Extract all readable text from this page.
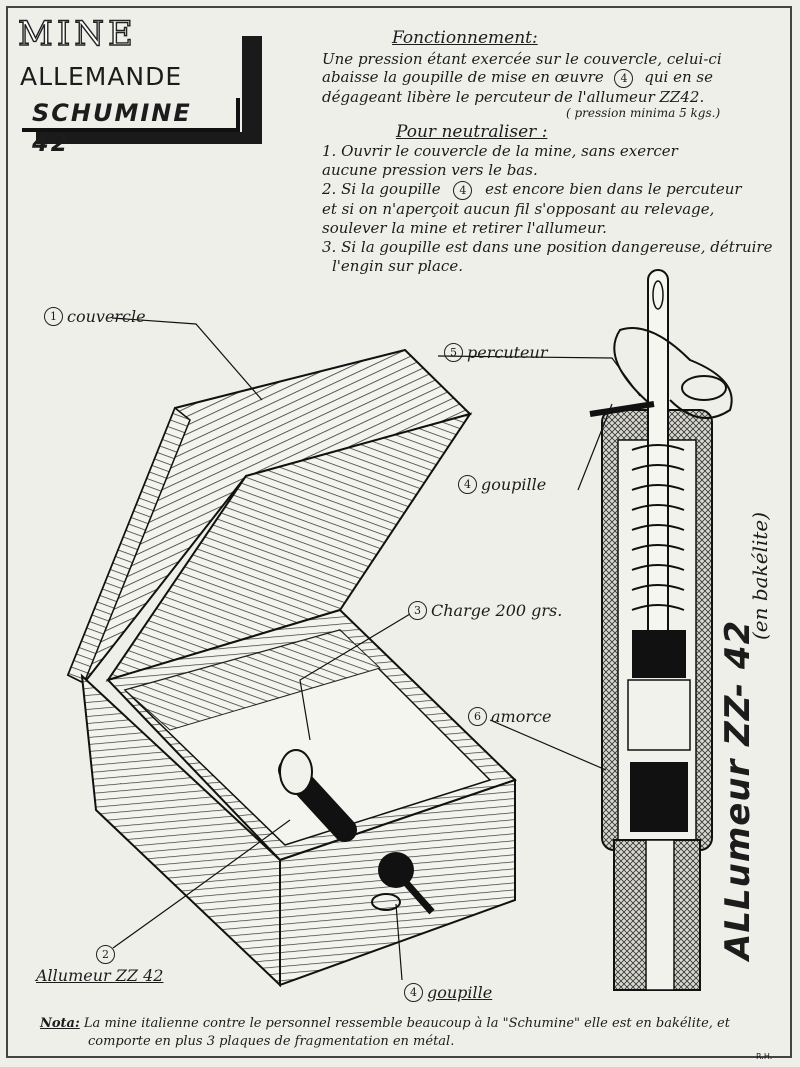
MINE
ALLEMANDE
SCHUMINE 42
Fonctionnement:
Une pression étant exercée sur le couvercle, celui-ci
abaisse la goupille de mise en œuvre 4 qui en se
dégageant libère le percuteur de l'allumeur ZZ42.
( pression minima 5 kgs.)
Pour neutraliser :
1. Ouvrir le couvercle de la mine, sans exercer
aucune pression vers le bas.
2. Si la goupille 4 est encore bien dans le percuteur
et si on n'aperçoit aucun fil s'opposant au relevage,
soulever la mine et retirer l'allumeur.
3. Si la goupille est dans une position dangereuse, détruire
l'engin sur place.
1 couvercle
5 percuteur
4 goupille
3 Charge 200 grs.
6 amorce
2
Allumeur ZZ 42
4 goupille
ALLumeur ZZ- 42
(en bakélite)
Nota: La mine italienne contre le personnel ressemble beaucoup à la "Schumine" elle est en bakélite, et
comporte en plus 3 plaques de fragmentation en métal.
R.H.
